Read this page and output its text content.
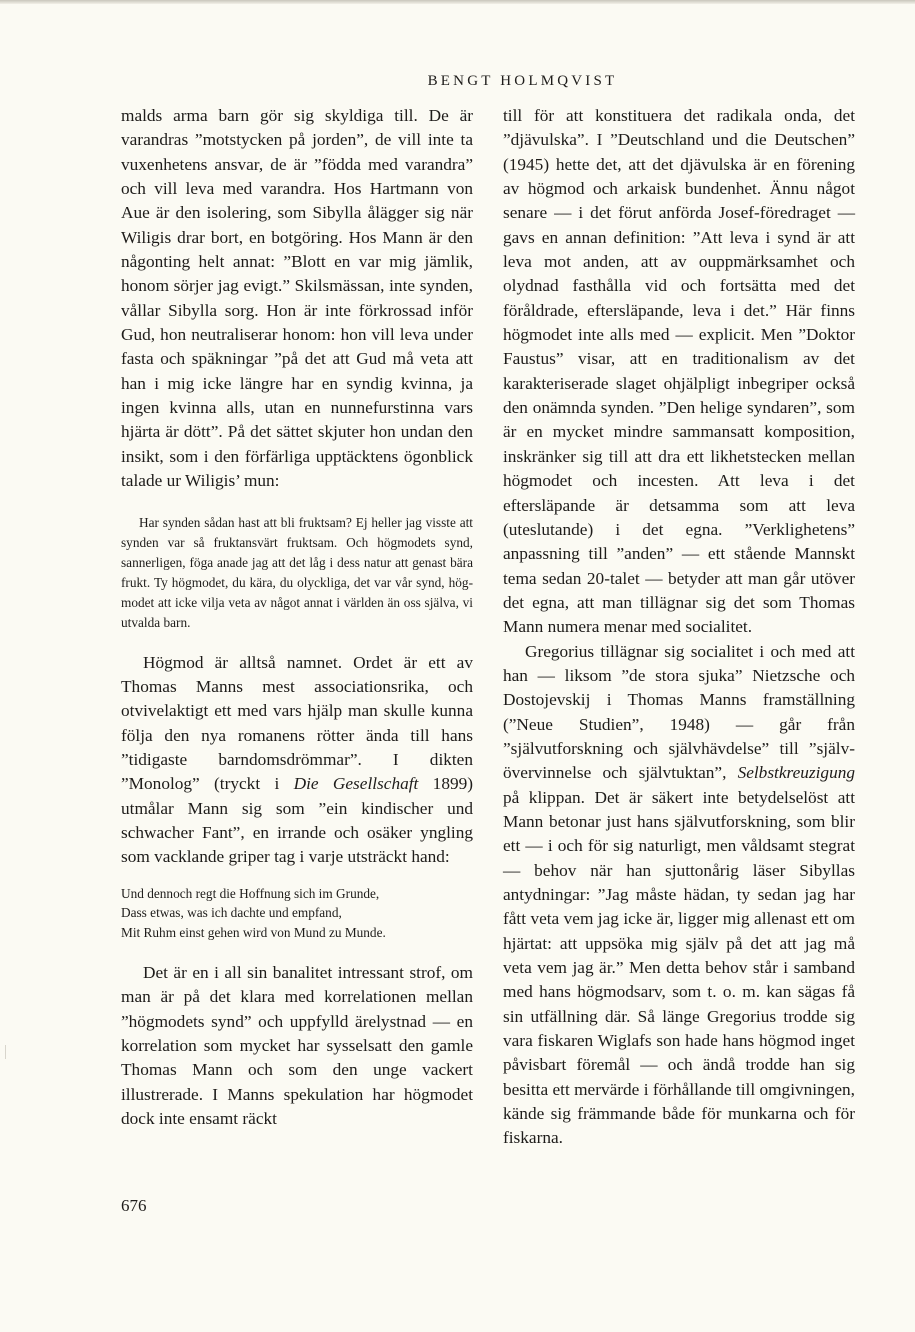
BENGT HOLMQVIST

malds arma barn gör sig skyldiga till. De är varandras ”motstycken på jorden”, de vill inte ta vuxenhetens ansvar, de är ”födda med varandra” och vill leva med varandra. Hos Hartmann von Aue är den isolering, som Sibylla ålägger sig när Wiligis drar bort, en botgöring. Hos Mann är den någonting helt annat: ”Blott en var mig jämlik, honom sörjer jag evigt.” Skilsmässan, inte synden, vållar Sibylla sorg. Hon är inte förkrossad inför Gud, hon neutraliserar honom: hon vill leva under fasta och späkningar ”på det att Gud må veta att han i mig icke längre har en syndig kvinna, ja ingen kvinna alls, utan en nunnefurstinna vars hjärta är dött”. På det sättet skjuter hon undan den insikt, som i den förfärliga upptäcktens ögonblick talade ur Wiligis’ mun:

Har synden sådan hast att bli fruktsam? Ej heller jag visste att synden var så fruktansvärt fruktsam. Och högmodets synd, sannerligen, föga anade jag att det låg i dess natur att genast bära frukt. Ty högmodet, du kära, du olyckliga, det var vår synd, högmodet att icke vilja veta av något annat i världen än oss själva, vi utvalda barn.

Högmod är alltså namnet. Ordet är ett av Thomas Manns mest associationsrika, och otvivelaktigt ett med vars hjälp man skulle kunna följa den nya romanens rötter ända till hans ”tidigaste barndomsdrömmar”. I dikten ”Monolog” (tryckt i Die Gesellschaft 1899) utmålar Mann sig som ”ein kindischer und schwacher Fant”, en irrande och osäker yngling som vacklande griper tag i varje utsträckt hand:

Und dennoch regt die Hoffnung sich im Grunde,
Dass etwas, was ich dachte und empfand,
Mit Ruhm einst gehen wird von Mund zu Munde.

Det är en i all sin banalitet intressant strof, om man är på det klara med korrelationen mellan ”högmodets synd” och uppfylld ärelystnad — en korrelation som mycket har sysselsatt den gamle Thomas Mann och som den unge vackert illustrerade. I Manns spekulation har högmodet dock inte ensamt räckt

till för att konstituera det radikala onda, det ”djävulska”. I ”Deutschland und die Deutschen” (1945) hette det, att det djävulska är en förening av högmod och arkaisk bundenhet. Ännu något senare — i det förut anförda Josef-föredraget — gavs en annan definition: ”Att leva i synd är att leva mot anden, att av ouppmärksamhet och olydnad fasthålla vid och fortsätta med det föråldrade, eftersläpande, leva i det.” Här finns högmodet inte alls med — explicit. Men ”Doktor Faustus” visar, att en traditionalism av det karakteriserade slaget ohjälpligt inbegriper också den onämnda synden. ”Den helige syndaren”, som är en mycket mindre sammansatt komposition, inskränker sig till att dra ett likhetstecken mellan högmodet och incesten. Att leva i det eftersläpande är detsamma som att leva (uteslutande) i det egna. ”Verklighetens” anpassning till ”anden” — ett stående Mannskt tema sedan 20-talet — betyder att man går utöver det egna, att man tillägnar sig det som Thomas Mann numera menar med socialitet.

Gregorius tillägnar sig socialitet i och med att han — liksom ”de stora sjuka” Nietzsche och Dostojevskij i Thomas Manns framställning (”Neue Studien”, 1948) — går från ”självutforskning och självhävdelse” till ”självövervinnelse och självtuktan”, Selbstkreuzigung på klippan. Det är säkert inte betydelselöst att Mann betonar just hans självutforskning, som blir ett — i och för sig naturligt, men våldsamt stegrat — behov när han sjuttonårig läser Sibyllas antydningar: ”Jag måste hädan, ty sedan jag har fått veta vem jag icke är, ligger mig allenast ett om hjärtat: att uppsöka mig själv på det att jag må veta vem jag är.” Men detta behov står i samband med hans högmodsarv, som t. o. m. kan sägas få sin utfällning där. Så länge Gregorius trodde sig vara fiskaren Wiglafs son hade hans högmod inget påvisbart föremål — och ändå trodde han sig besitta ett mervärde i förhållande till omgivningen, kände sig främmande både för munkarna och för fiskarna.

676
